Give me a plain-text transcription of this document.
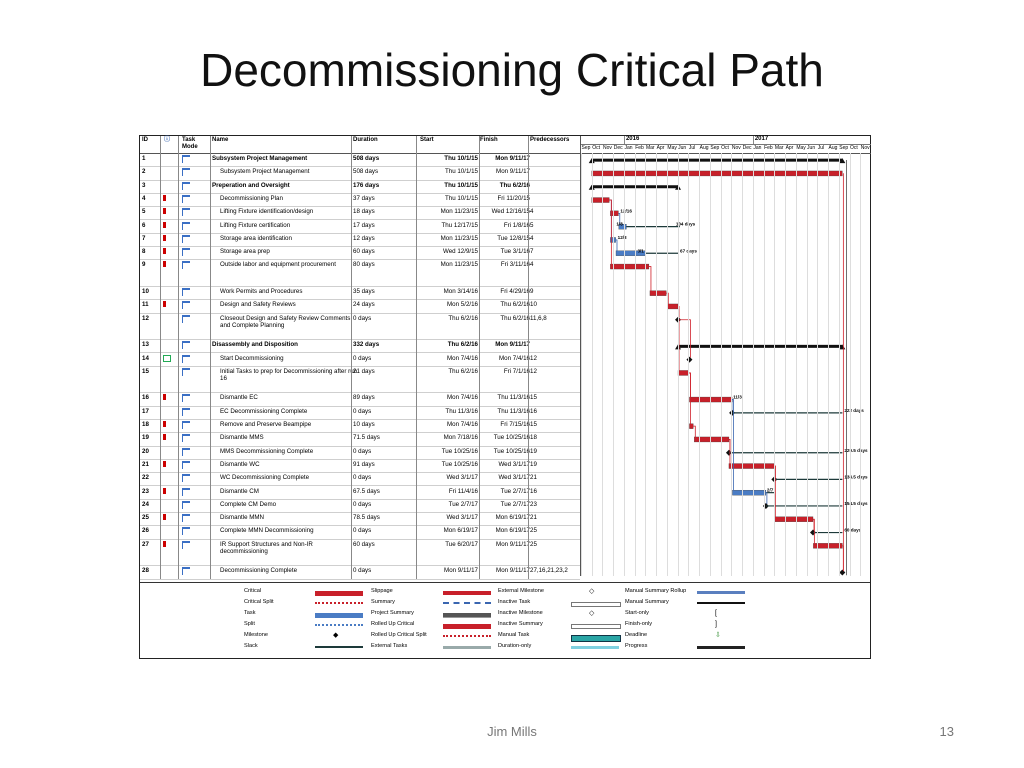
Decommissioning Critical Path
ID	ⓘ Task Mode
Name	Duration	Start	Finish	Predecessors
1	Subsystem Project Management	508 days	Thu 10/1/15	Mon 9/11/17
2	Subsystem Project Management	508 days	Thu 10/1/15	Mon 9/11/17
3	Preperation and Oversight	176 days	Thu 10/1/15	Thu 6/2/16
4	Decommissioning Plan	37 days	Thu 10/1/15	Fri 11/20/15
5	Lifting Fixture identification/design	18 days	Mon 11/23/15	Wed 12/16/15 4
6	Lifting Fixture certification	17 days	Thu 12/17/15	Fri 1/8/16 5
7	Storage area identification	12 days	Mon 11/23/15	Tue 12/8/15 4
8	Storage area prep	60 days	Wed 12/9/15	Tue 3/1/16 7
9	Outside labor and equipment procurement	80 days	Mon 11/23/15	Fri 3/11/16 4
10	Work Permits and Procedures	35 days	Mon 3/14/16	Fri 4/29/16 9
11	Design and Safety Reviews	24 days	Mon 5/2/16	Thu 6/2/16 10
12	Closeout Design and Safety Review Comments and Complete Planning
0 days	Thu 6/2/16	Thu 6/2/16 11,6,8
13	Disassembly and Disposition	332 days	Thu 6/2/16	Mon 9/11/17
14	Start Decommissioning	0 days	Mon 7/4/16	Mon 7/4/16 12
15	Initial Tasks to prep for Decommissioning after run 16
21 days	Thu 6/2/16	Fri 7/1/16 12
16	Dismantle EC	89 days	Mon 7/4/16	Thu 11/3/16 15
17	EC Decommissioning Complete	0 days	Thu 11/3/16	Thu 11/3/16 16
18	Remove and Preserve Beampipe	10 days	Mon 7/4/16	Fri 7/15/16 15
19	Dismantle MMS	71.5 days	Mon 7/18/16	Tue 10/25/16 18
20	MMS Decommissioning Complete	0 days	Tue 10/25/16	Tue 10/25/16 19
21	Dismantle WC	91 days	Tue 10/25/16	Wed 3/1/17 19
22	WC Decommissioning Complete	0 days	Wed 3/1/17	Wed 3/1/17 21
23	Dismantle CM	67.5 days	Fri 11/4/16	Tue 2/7/17 16
24	Complete CM Demo	0 days	Tue 2/7/17	Tue 2/7/17 23
25	Dismantle MMN	78.5 days	Wed 3/1/17	Mon 6/19/17 21
26	Complete MMN Decommissioning	0 days	Mon 6/19/17	Mon 6/19/17 25
27	IR Support Structures and Non-IR decommissioning
60 days	Tue 6/20/17	Mon 9/11/17 25
28	Decommissioning Complete	0 days	Mon 9/11/17	Mon 9/11/17 27,16,21,23,2
2016	2017
Sep Oct Nov Dec Jan Feb Mar Apr May Jun Jul Aug Sep Oct Nov Dec Jan Feb Mar Apr May Jun Jul Aug Sep Oct Nov
12/16
1/8	104 days
12/8
3/1	67 days
11/3
222 days
229.5 days
138.5 days
2/7
154.5 days
60 days
Critical
Critical Split
Task
Split
Milestone	◆
Slack
Slippage
Summary
Project Summary
Rolled Up Critical
Rolled Up Critical Split
External Tasks
External Milestone	◇
Inactive Task
Inactive Milestone	◇
Inactive Summary
Manual Task
Duration-only
Manual Summary Rollup
Manual Summary
Start-only	[
Finish-only	]
Deadline	⇩
Progress
Jim Mills	13
